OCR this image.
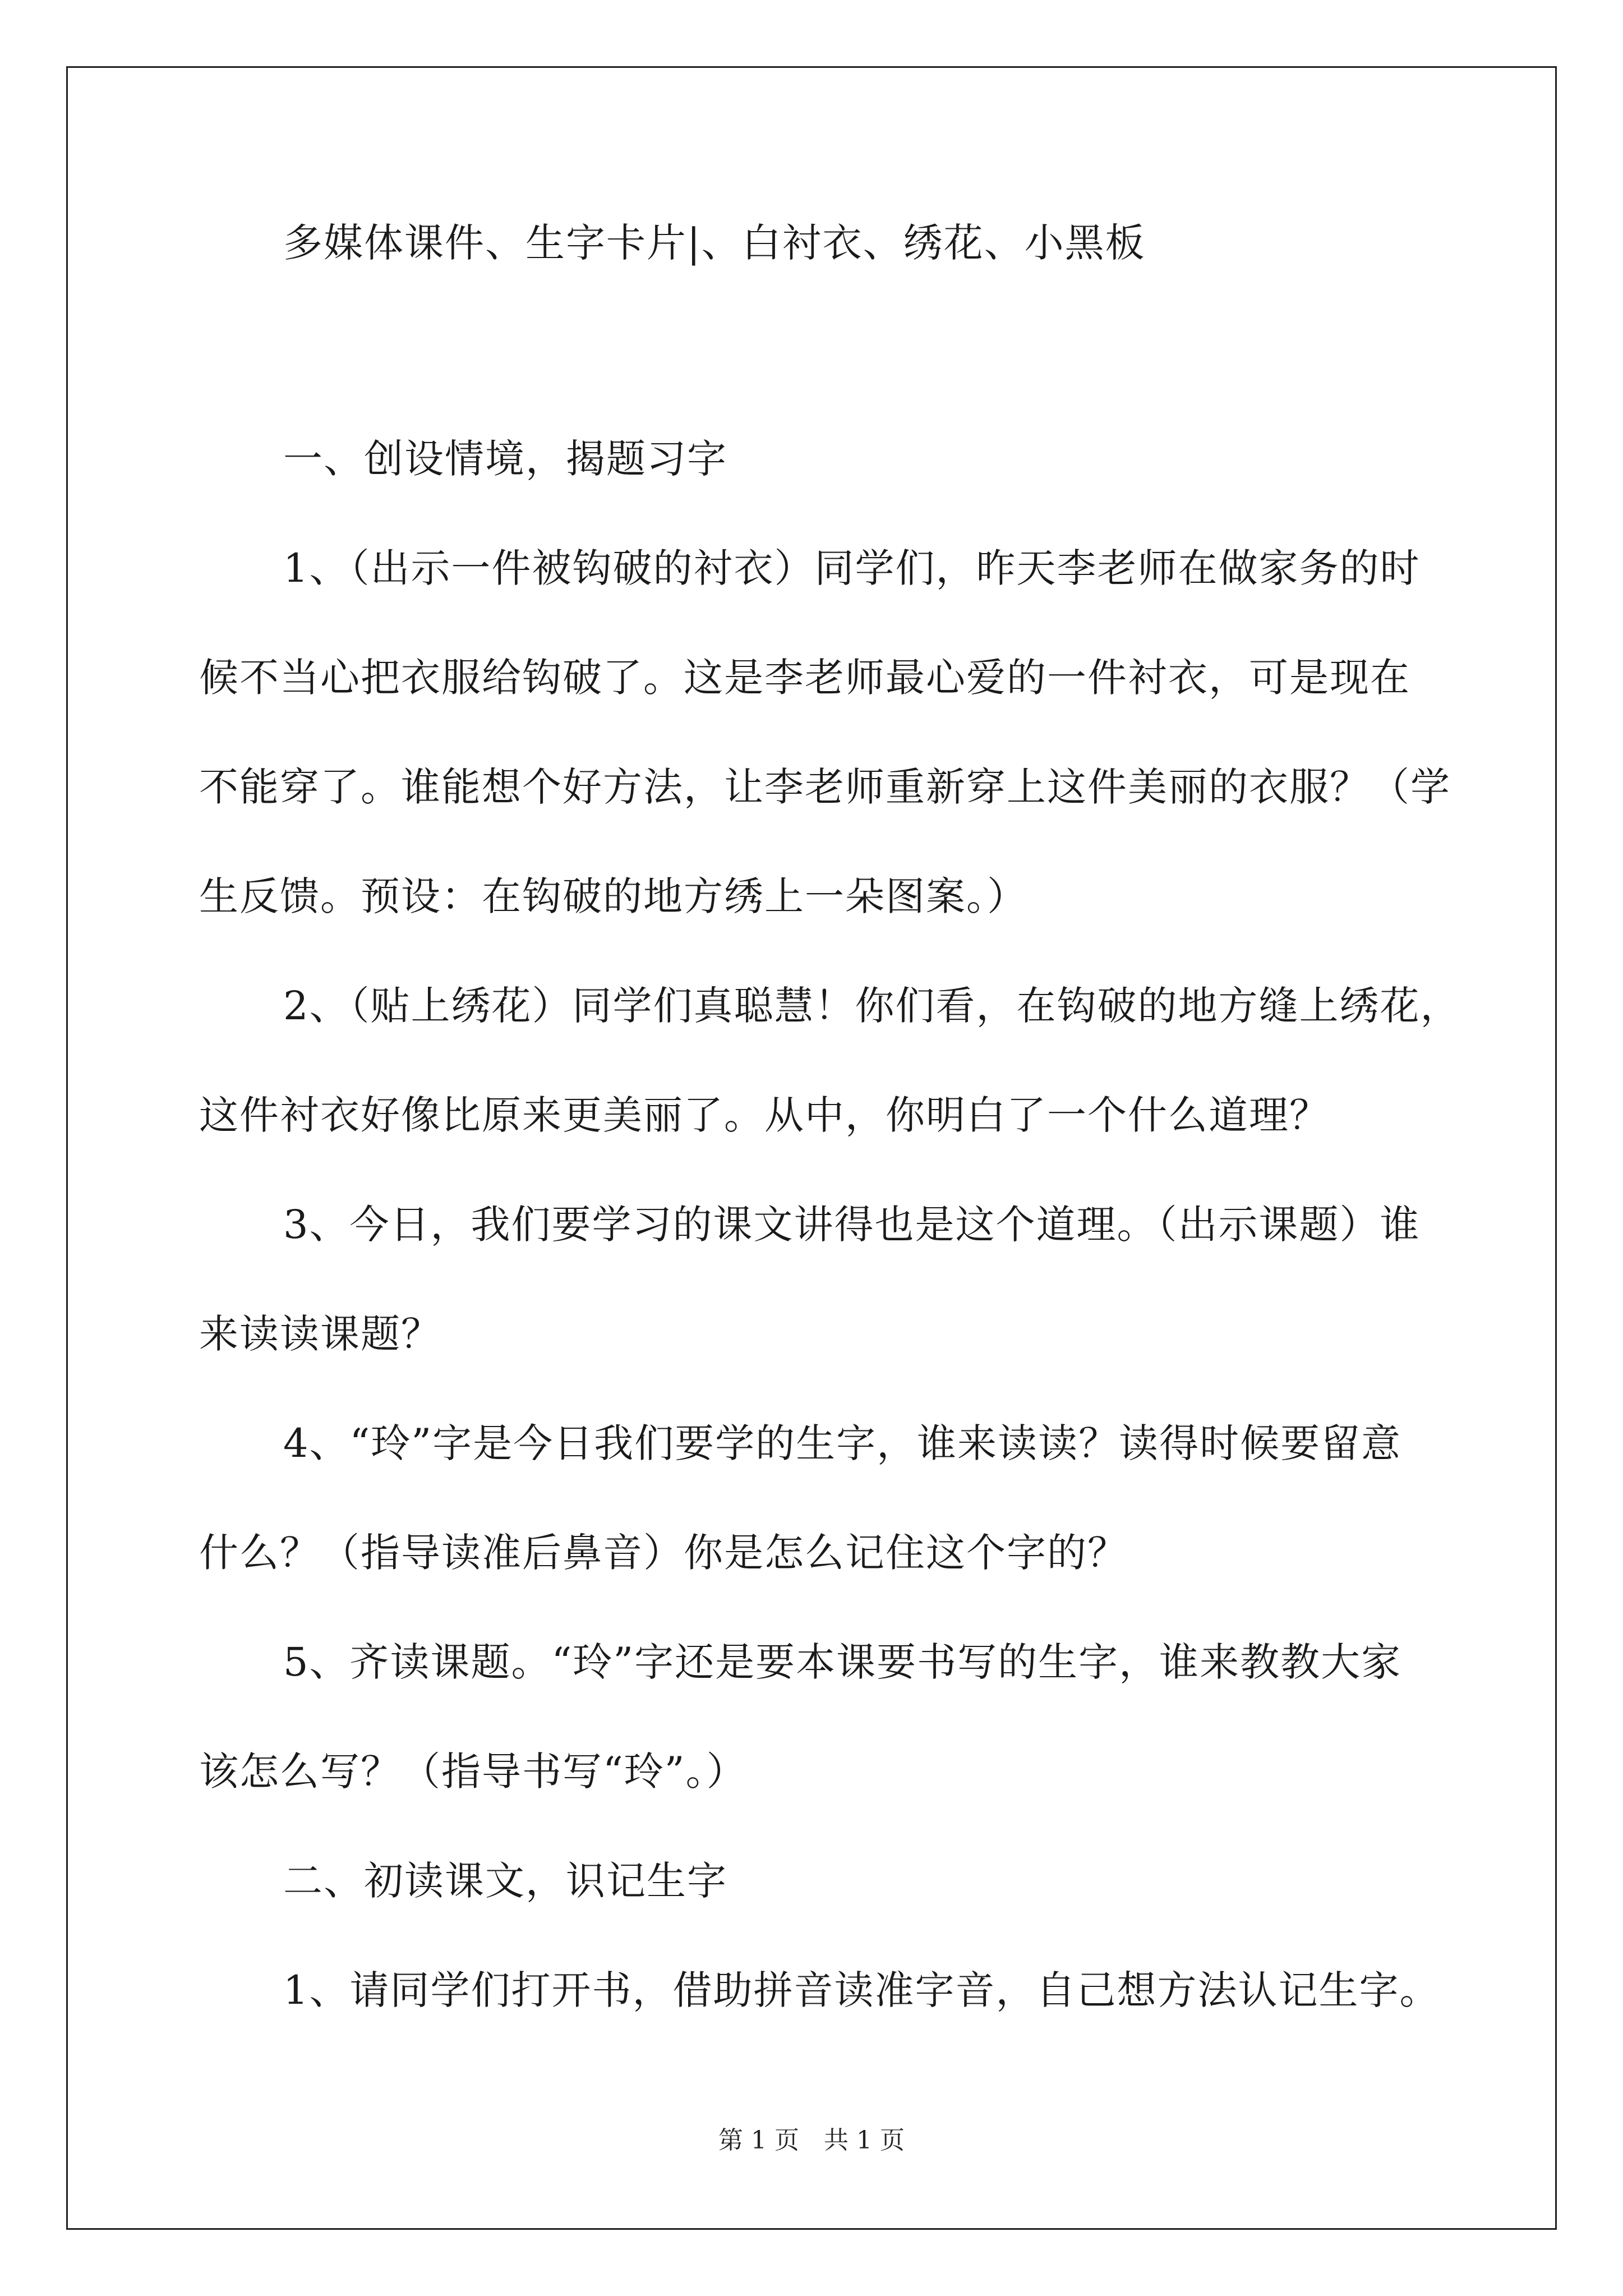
多媒体课件、生字卡片|、白衬衣、绣花、小黑板
一、创设情境，揭题习字
1、（出示一件被钩破的衬衣）同学们，昨天李老师在做家务的时
候不当心把衣服给钩破了。这是李老师最心爱的一件衬衣，可是现在
不能穿了。谁能想个好方法，让李老师重新穿上这件美丽的衣服？（学
生反馈。预设：在钩破的地方绣上一朵图案。）
2、（贴上绣花）同学们真聪慧！你们看，在钩破的地方缝上绣花，
这件衬衣好像比原来更美丽了。从中，你明白了一个什么道理？
3、今日，我们要学习的课文讲得也是这个道理。（出示课题）谁
来读读课题？
4、“玲”字是今日我们要学的生字，谁来读读？读得时候要留意
什么？（指导读准后鼻音）你是怎么记住这个字的？
5、齐读课题。“玲”字还是要本课要书写的生字，谁来教教大家
该怎么写？（指导书写“玲”。）
二、初读课文，识记生字
1、请同学们打开书，借助拼音读准字音，自己想方法认记生字。
第 1 页　共 1 页
